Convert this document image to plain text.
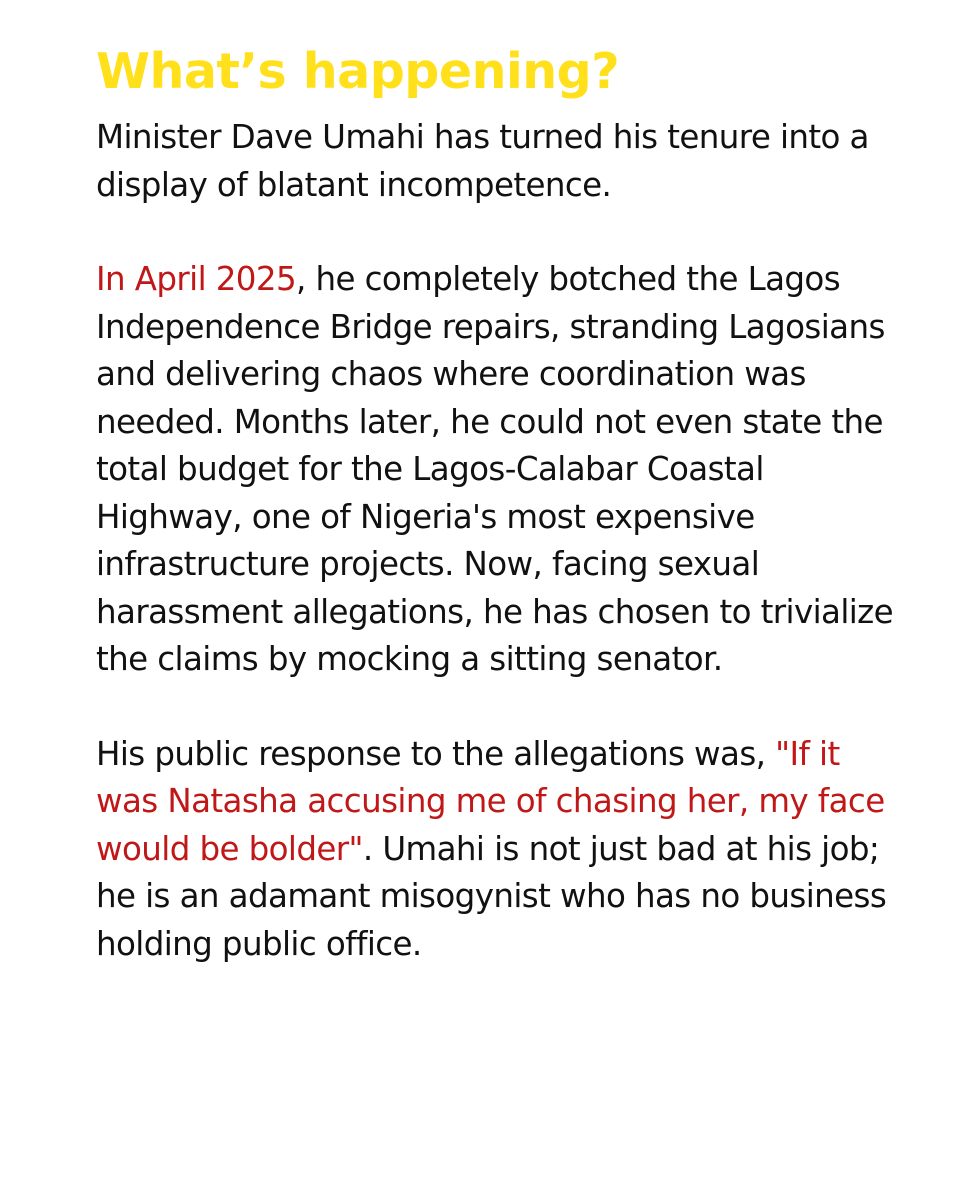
What’s happening?

Minister Dave Umahi has turned his tenure into a display of blatant incompetence.

In April 2025, he completely botched the Lagos Independence Bridge repairs, stranding Lagosians and delivering chaos where coordination was needed. Months later, he could not even state the total budget for the Lagos-Calabar Coastal Highway, one of Nigeria's most expensive infrastructure projects. Now, facing sexual harassment allegations, he has chosen to trivialize the claims by mocking a sitting senator.

His public response to the allegations was, "If it was Natasha accusing me of chasing her, my face would be bolder". Umahi is not just bad at his job; he is an adamant misogynist who has no business holding public office.
